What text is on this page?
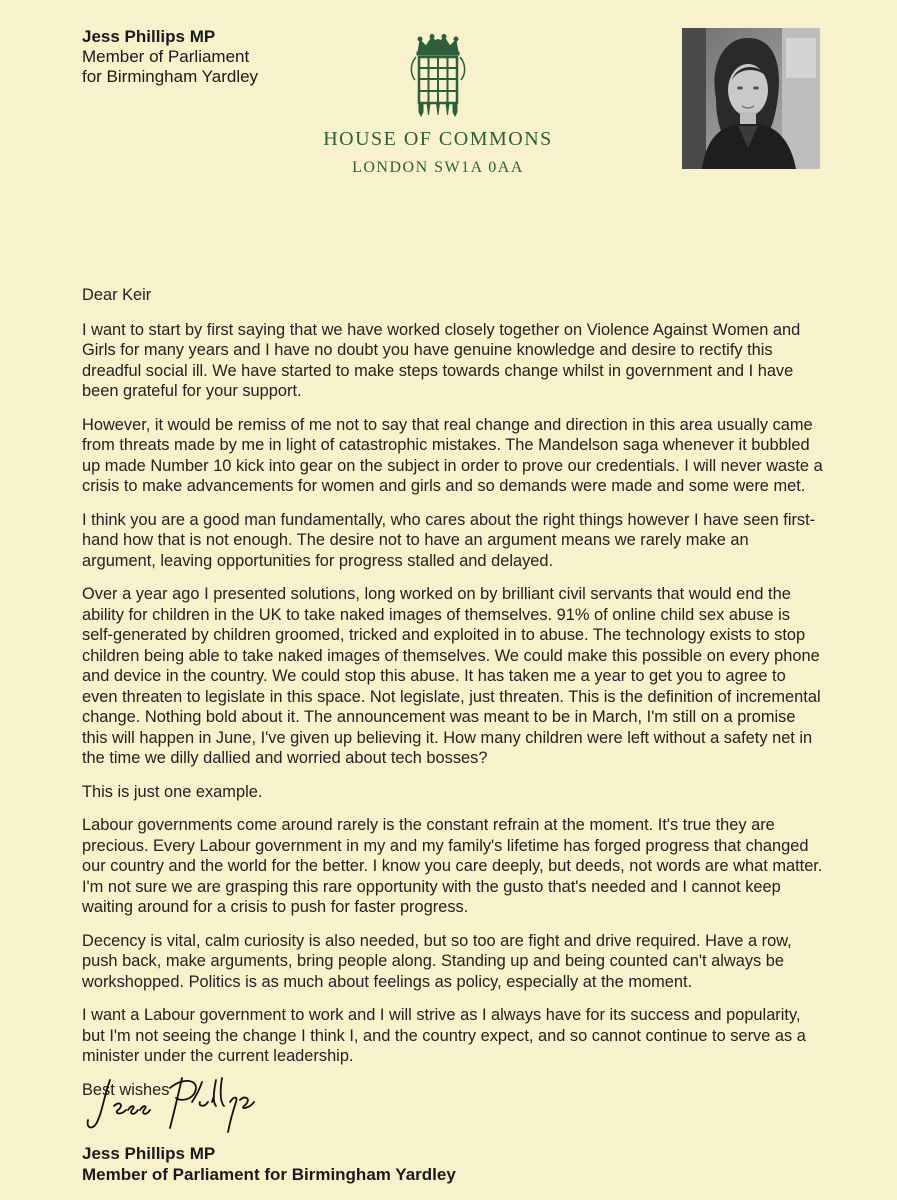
Jess Phillips MP
Member of Parliament
for Birmingham Yardley
HOUSE OF COMMONS
LONDON SW1A 0AA

Dear Keir

I want to start by first saying that we have worked closely together on Violence Against Women and Girls for many years and I have no doubt you have genuine knowledge and desire to rectify this dreadful social ill. We have started to make steps towards change whilst in government and I have been grateful for your support.

However, it would be remiss of me not to say that real change and direction in this area usually came from threats made by me in light of catastrophic mistakes. The Mandelson saga whenever it bubbled up made Number 10 kick into gear on the subject in order to prove our credentials. I will never waste a crisis to make advancements for women and girls and so demands were made and some were met.

I think you are a good man fundamentally, who cares about the right things however I have seen first-hand how that is not enough. The desire not to have an argument means we rarely make an argument, leaving opportunities for progress stalled and delayed.

Over a year ago I presented solutions, long worked on by brilliant civil servants that would end the ability for children in the UK to take naked images of themselves. 91% of online child sex abuse is self-generated by children groomed, tricked and exploited in to abuse. The technology exists to stop children being able to take naked images of themselves. We could make this possible on every phone and device in the country. We could stop this abuse. It has taken me a year to get you to agree to even threaten to legislate in this space. Not legislate, just threaten. This is the definition of incremental change. Nothing bold about it. The announcement was meant to be in March, I'm still on a promise this will happen in June, I've given up believing it. How many children were left without a safety net in the time we dilly dallied and worried about tech bosses?

This is just one example.

Labour governments come around rarely is the constant refrain at the moment. It's true they are precious. Every Labour government in my and my family's lifetime has forged progress that changed our country and the world for the better. I know you care deeply, but deeds, not words are what matter. I'm not sure we are grasping this rare opportunity with the gusto that's needed and I cannot keep waiting around for a crisis to push for faster progress.

Decency is vital, calm curiosity is also needed, but so too are fight and drive required. Have a row, push back, make arguments, bring people along. Standing up and being counted can't always be workshopped. Politics is as much about feelings as policy, especially at the moment.

I want a Labour government to work and I will strive as I always have for its success and popularity, but I'm not seeing the change I think I, and the country expect, and so cannot continue to serve as a minister under the current leadership.

Best wishes

Jess Phillips MP
Member of Parliament for Birmingham Yardley
